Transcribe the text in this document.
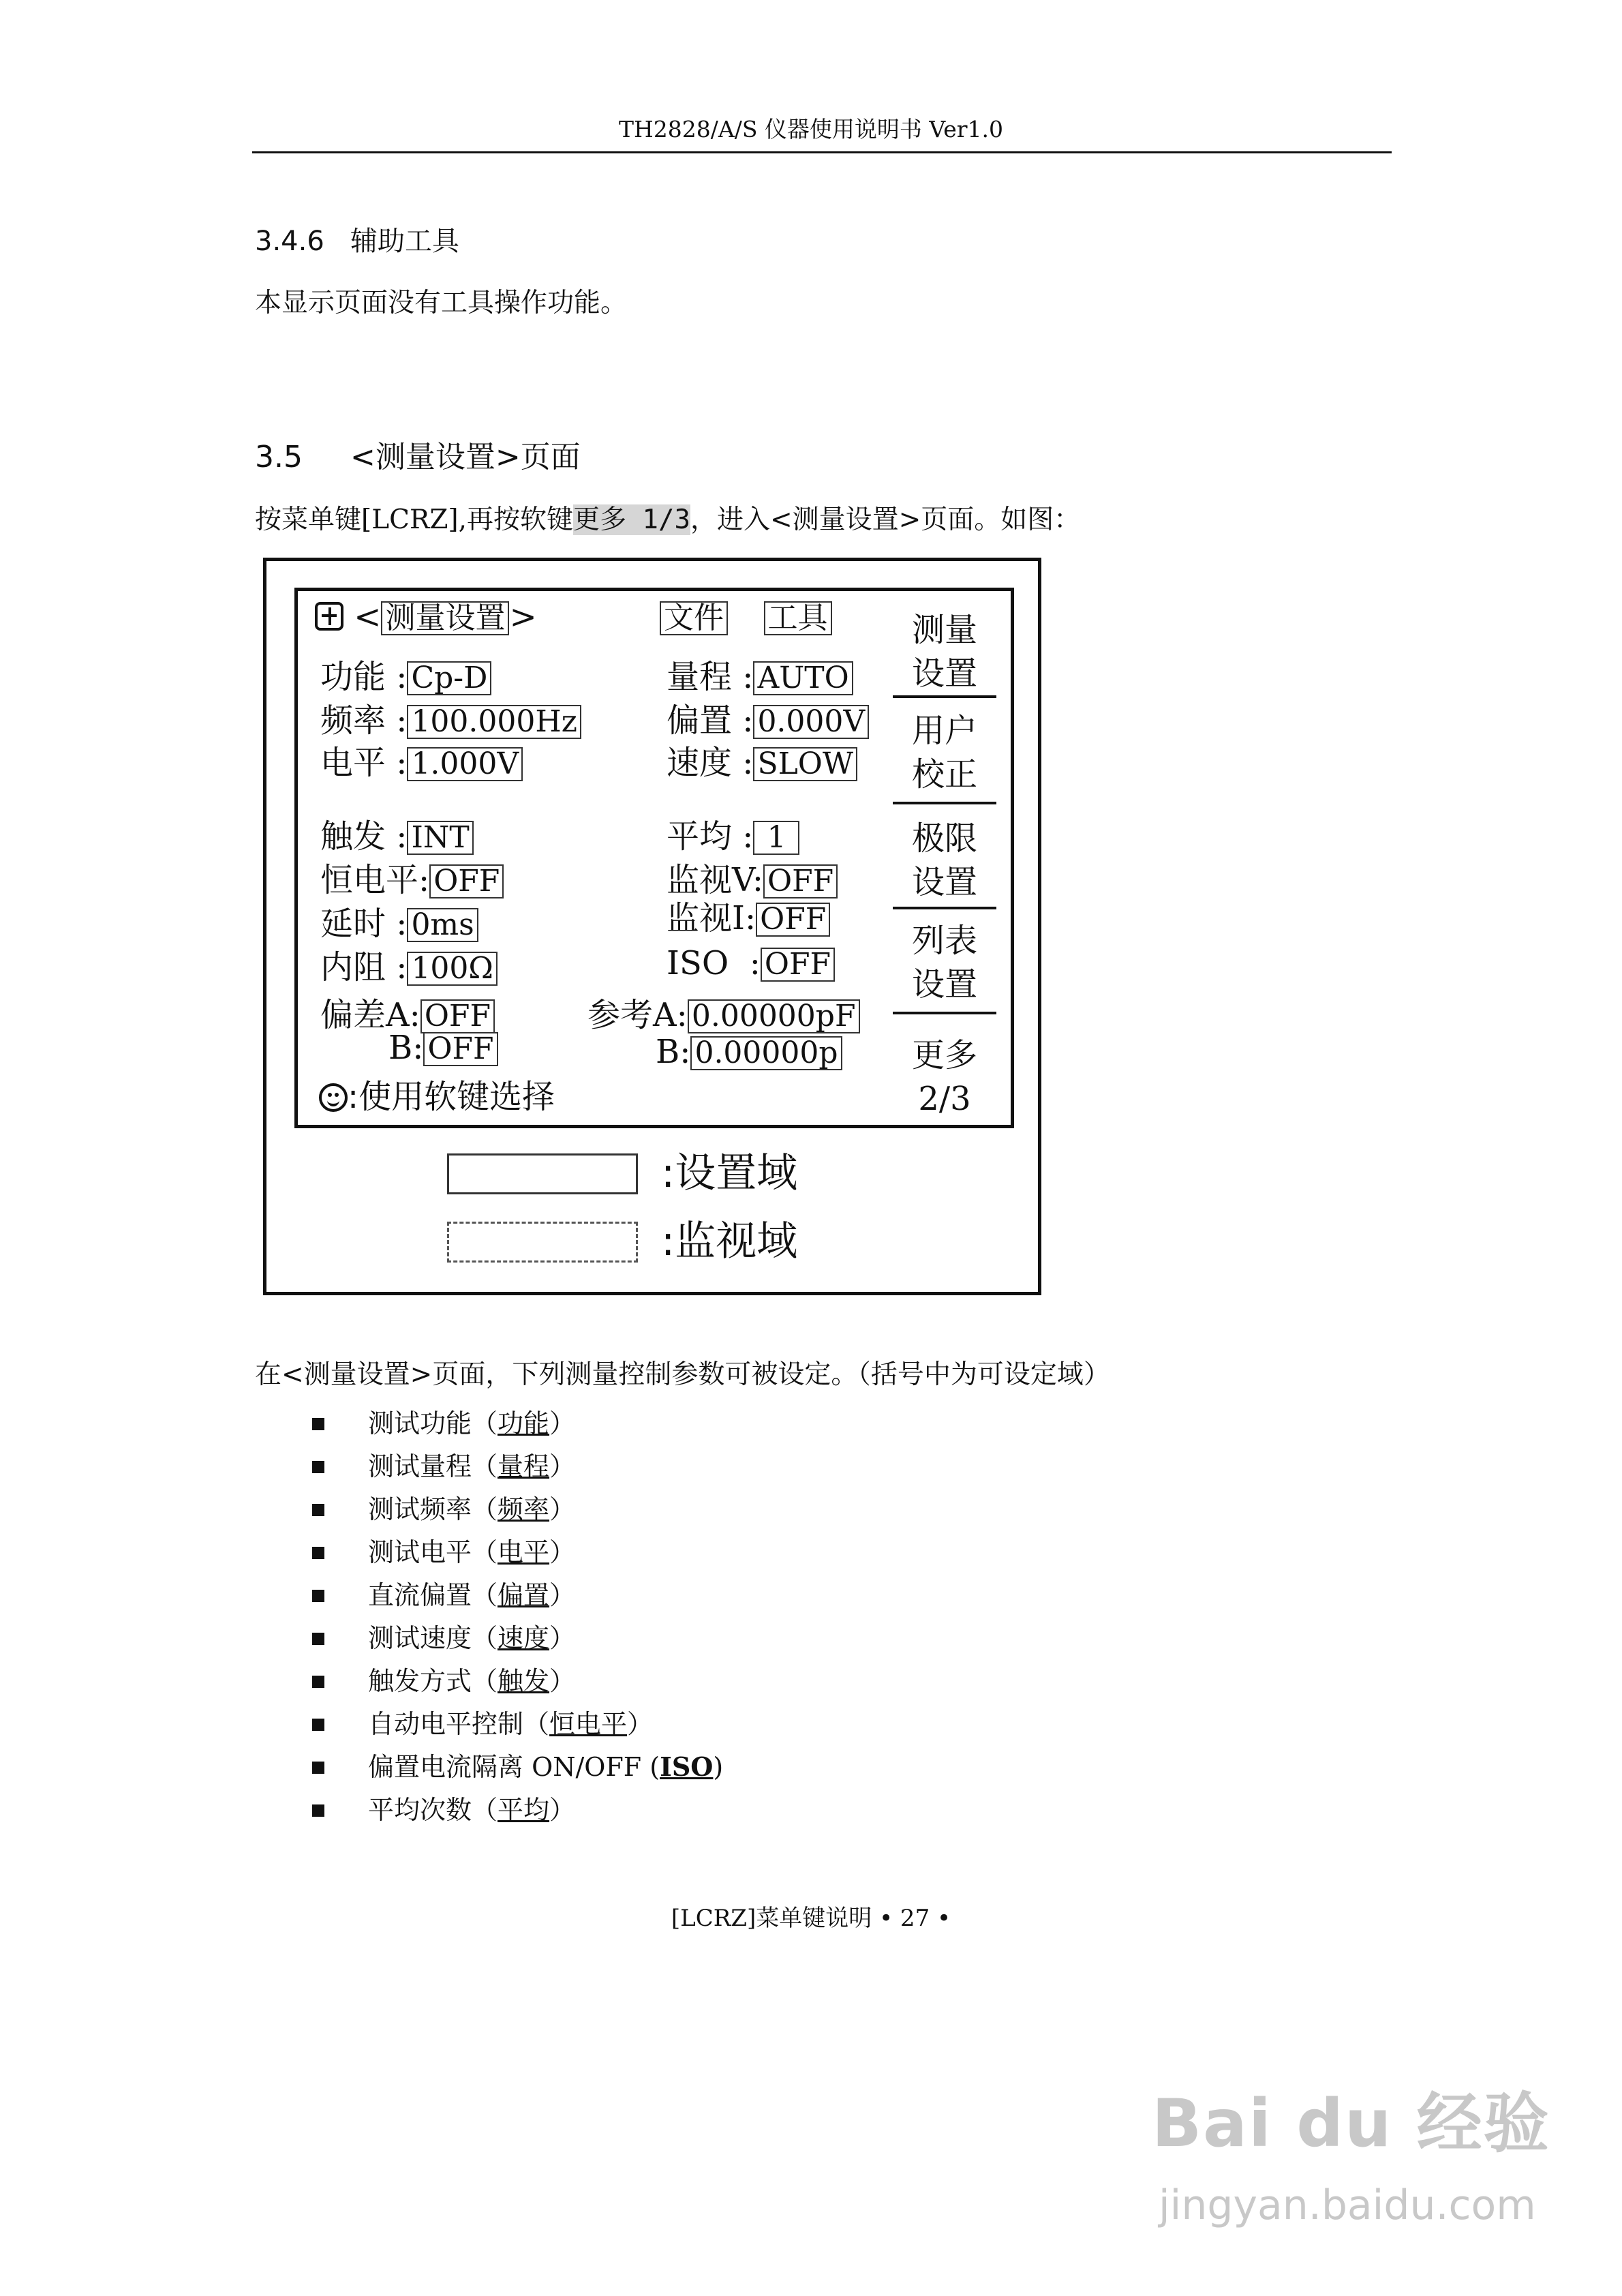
TH2828/A/S 仪器使用说明书 Ver1.0
3.4.6 辅助工具
本显示页面没有工具操作功能。
3.5 <测量设置>页面
按菜单键[LCRZ],再按软键更多 1/3，进入<测量设置>页面。如图：
< 测量设置 >	文件 工具
功能 : Cp-D
频率 : 100.000Hz
电平 : 1.000V
触发 : INT
恒电平: OFF
延时 : 0ms
内阻 : 100Ω
量程 : AUTO
偏置 : 0.000V
速度 : SLOW
平均 : 1
监视V: OFF
监视I: OFF
ISO  : OFF
偏差A: OFF
B: OFF
参考A: 0.00000pF
B: 0.00000p
:使用软键选择
测量
设置
用户
校正
极限
设置
列表
设置
更多
2/3
:设置域
:监视域
在<测量设置>页面，下列测量控制参数可被设定。（括号中为可设定域）
测试功能（功能）
测试量程（量程）
测试频率（频率）
测试电平（电平）
直流偏置（偏置）
测试速度（速度）
触发方式（触发）
自动电平控制（恒电平）
偏置电流隔离 ON/OFF (ISO)
平均次数（平均）
[LCRZ]菜单键说明 • 27 •
Bai du 经验
jingyan.baidu.com
